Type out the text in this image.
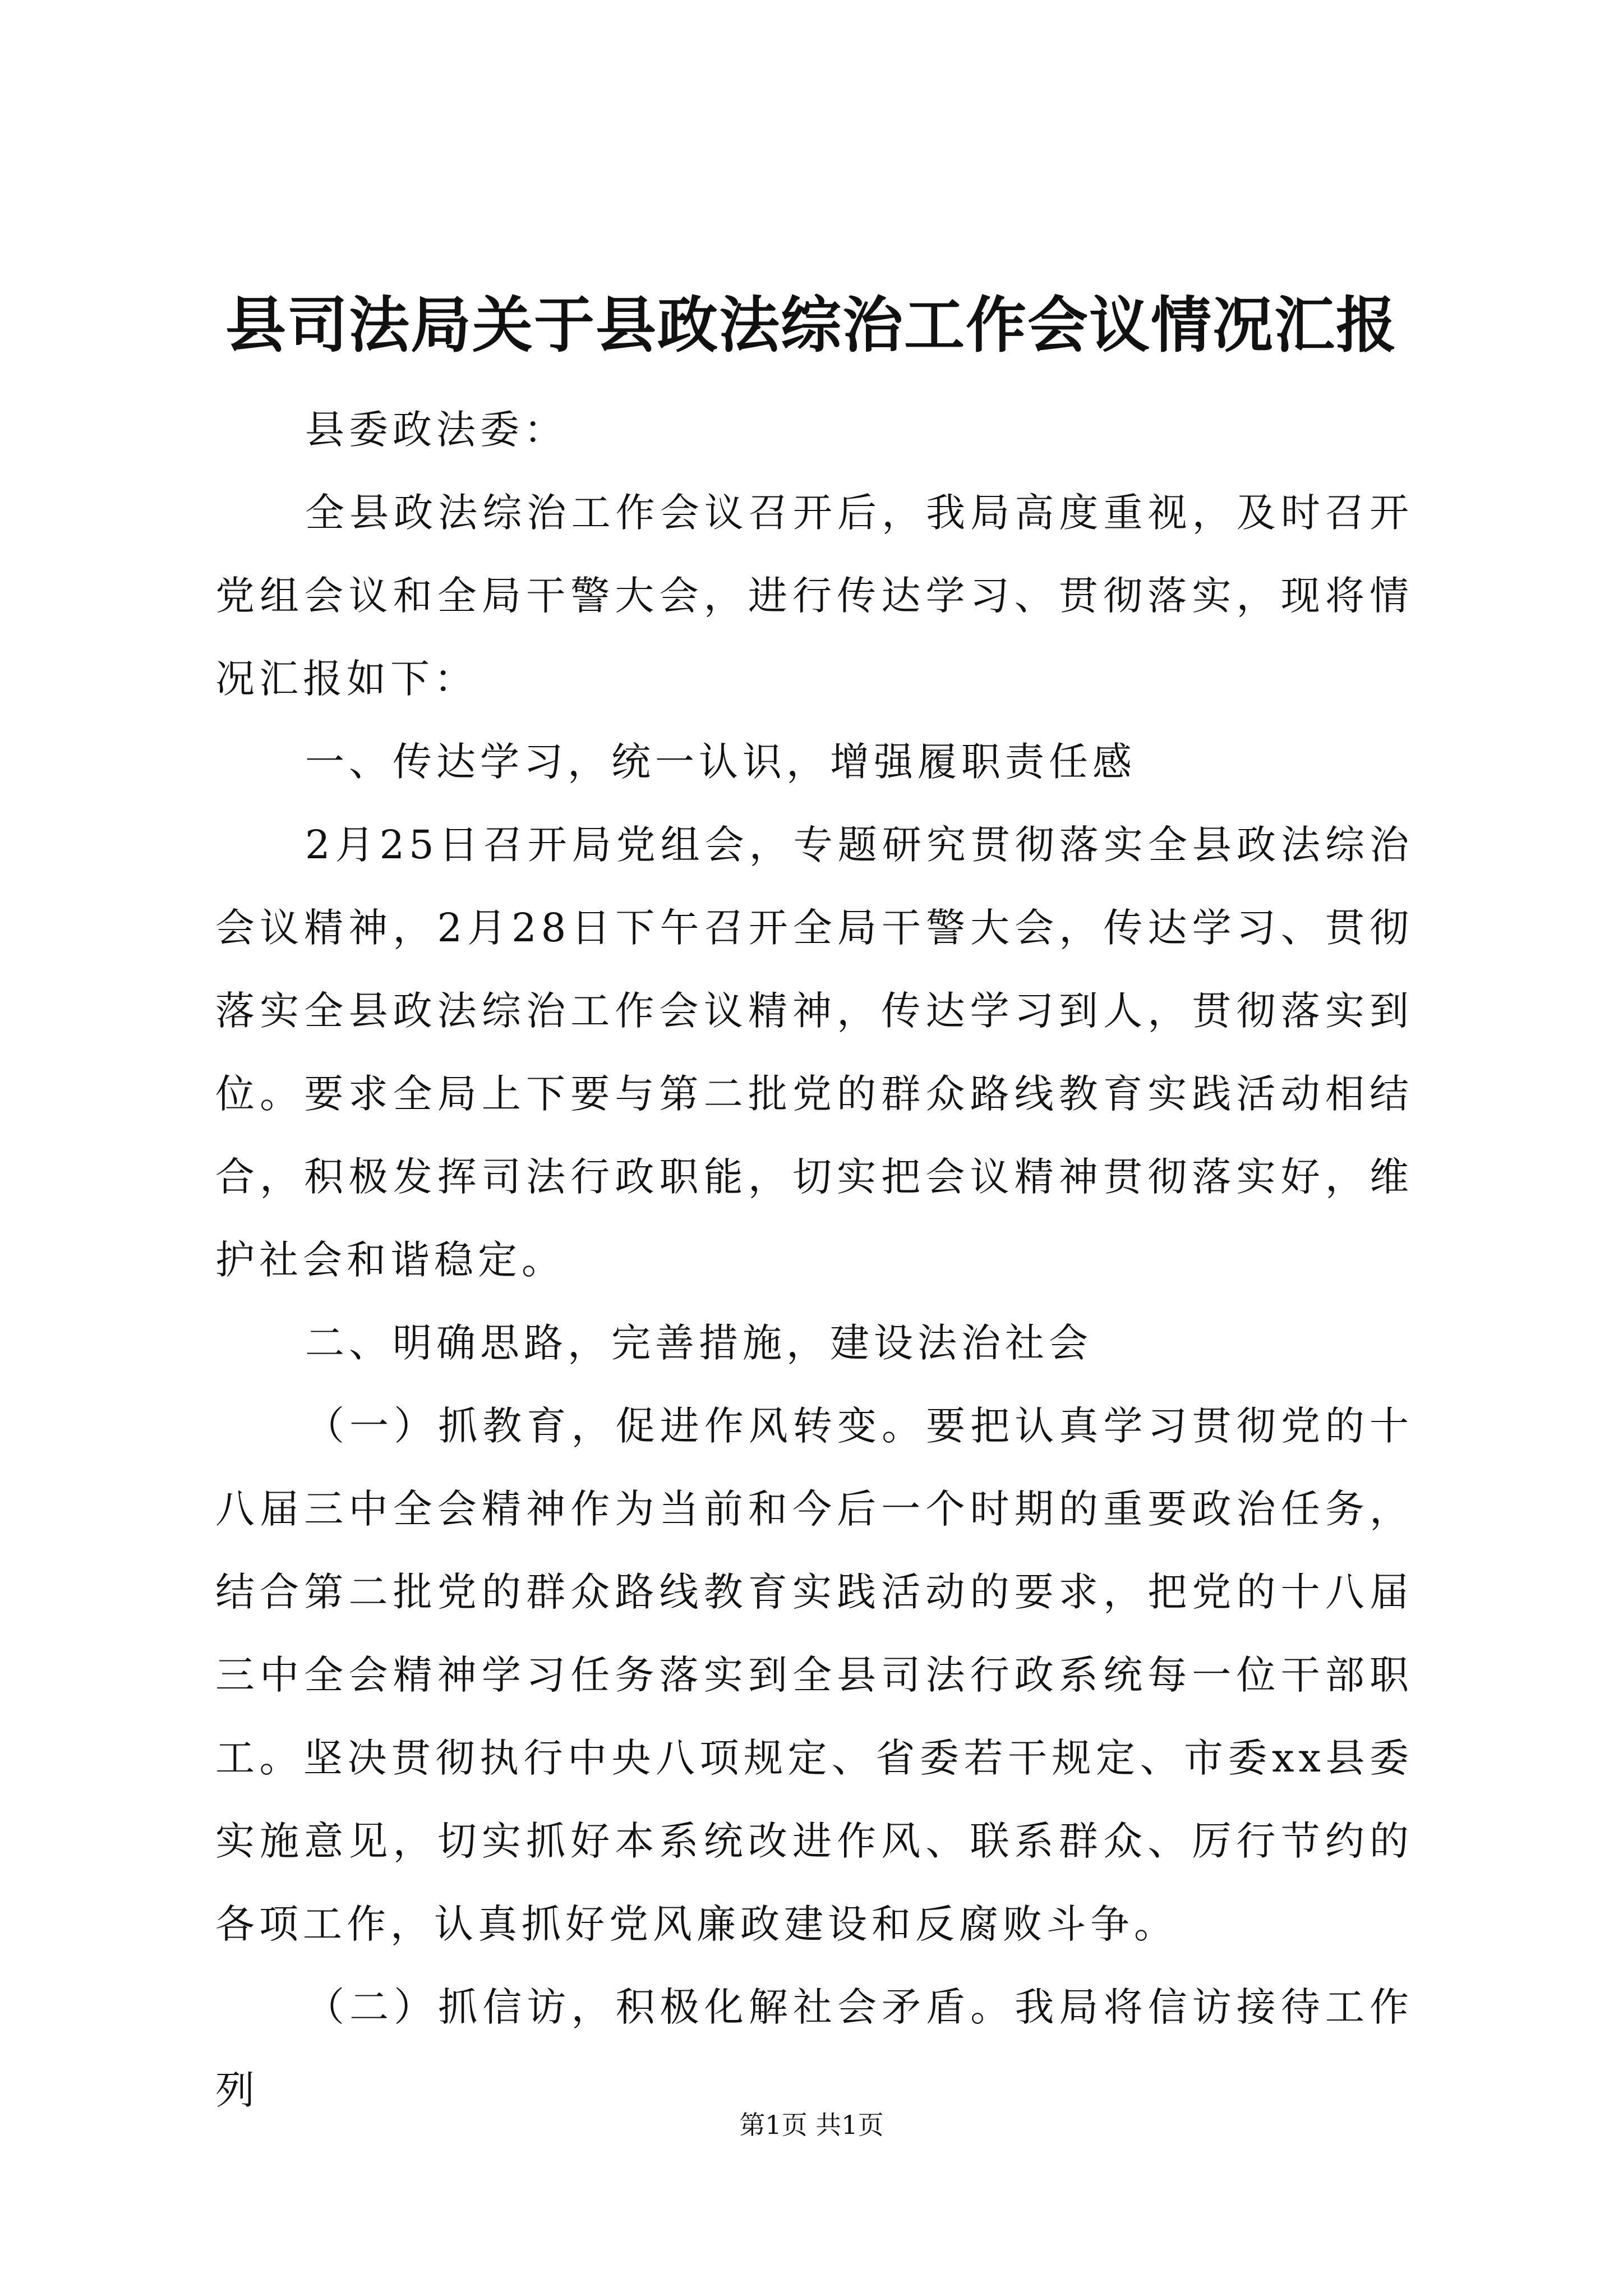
县司法局关于县政法综治工作会议情况汇报

县委政法委：

全县政法综治工作会议召开后，我局高度重视，及时召开党组会议和全局干警大会，进行传达学习、贯彻落实，现将情况汇报如下：

一、传达学习，统一认识，增强履职责任感

2月25日召开局党组会，专题研究贯彻落实全县政法综治会议精神，2月28日下午召开全局干警大会，传达学习、贯彻落实全县政法综治工作会议精神，传达学习到人，贯彻落实到位。要求全局上下要与第二批党的群众路线教育实践活动相结合，积极发挥司法行政职能，切实把会议精神贯彻落实好，维护社会和谐稳定。

二、明确思路，完善措施，建设法治社会

（一）抓教育，促进作风转变。要把认真学习贯彻党的十八届三中全会精神作为当前和今后一个时期的重要政治任务，结合第二批党的群众路线教育实践活动的要求，把党的十八届三中全会精神学习任务落实到全县司法行政系统每一位干部职工。坚决贯彻执行中央八项规定、省委若干规定、市委xx县委实施意见，切实抓好本系统改进作风、联系群众、厉行节约的各项工作，认真抓好党风廉政建设和反腐败斗争。

（二）抓信访，积极化解社会矛盾。我局将信访接待工作列

第1页 共1页
